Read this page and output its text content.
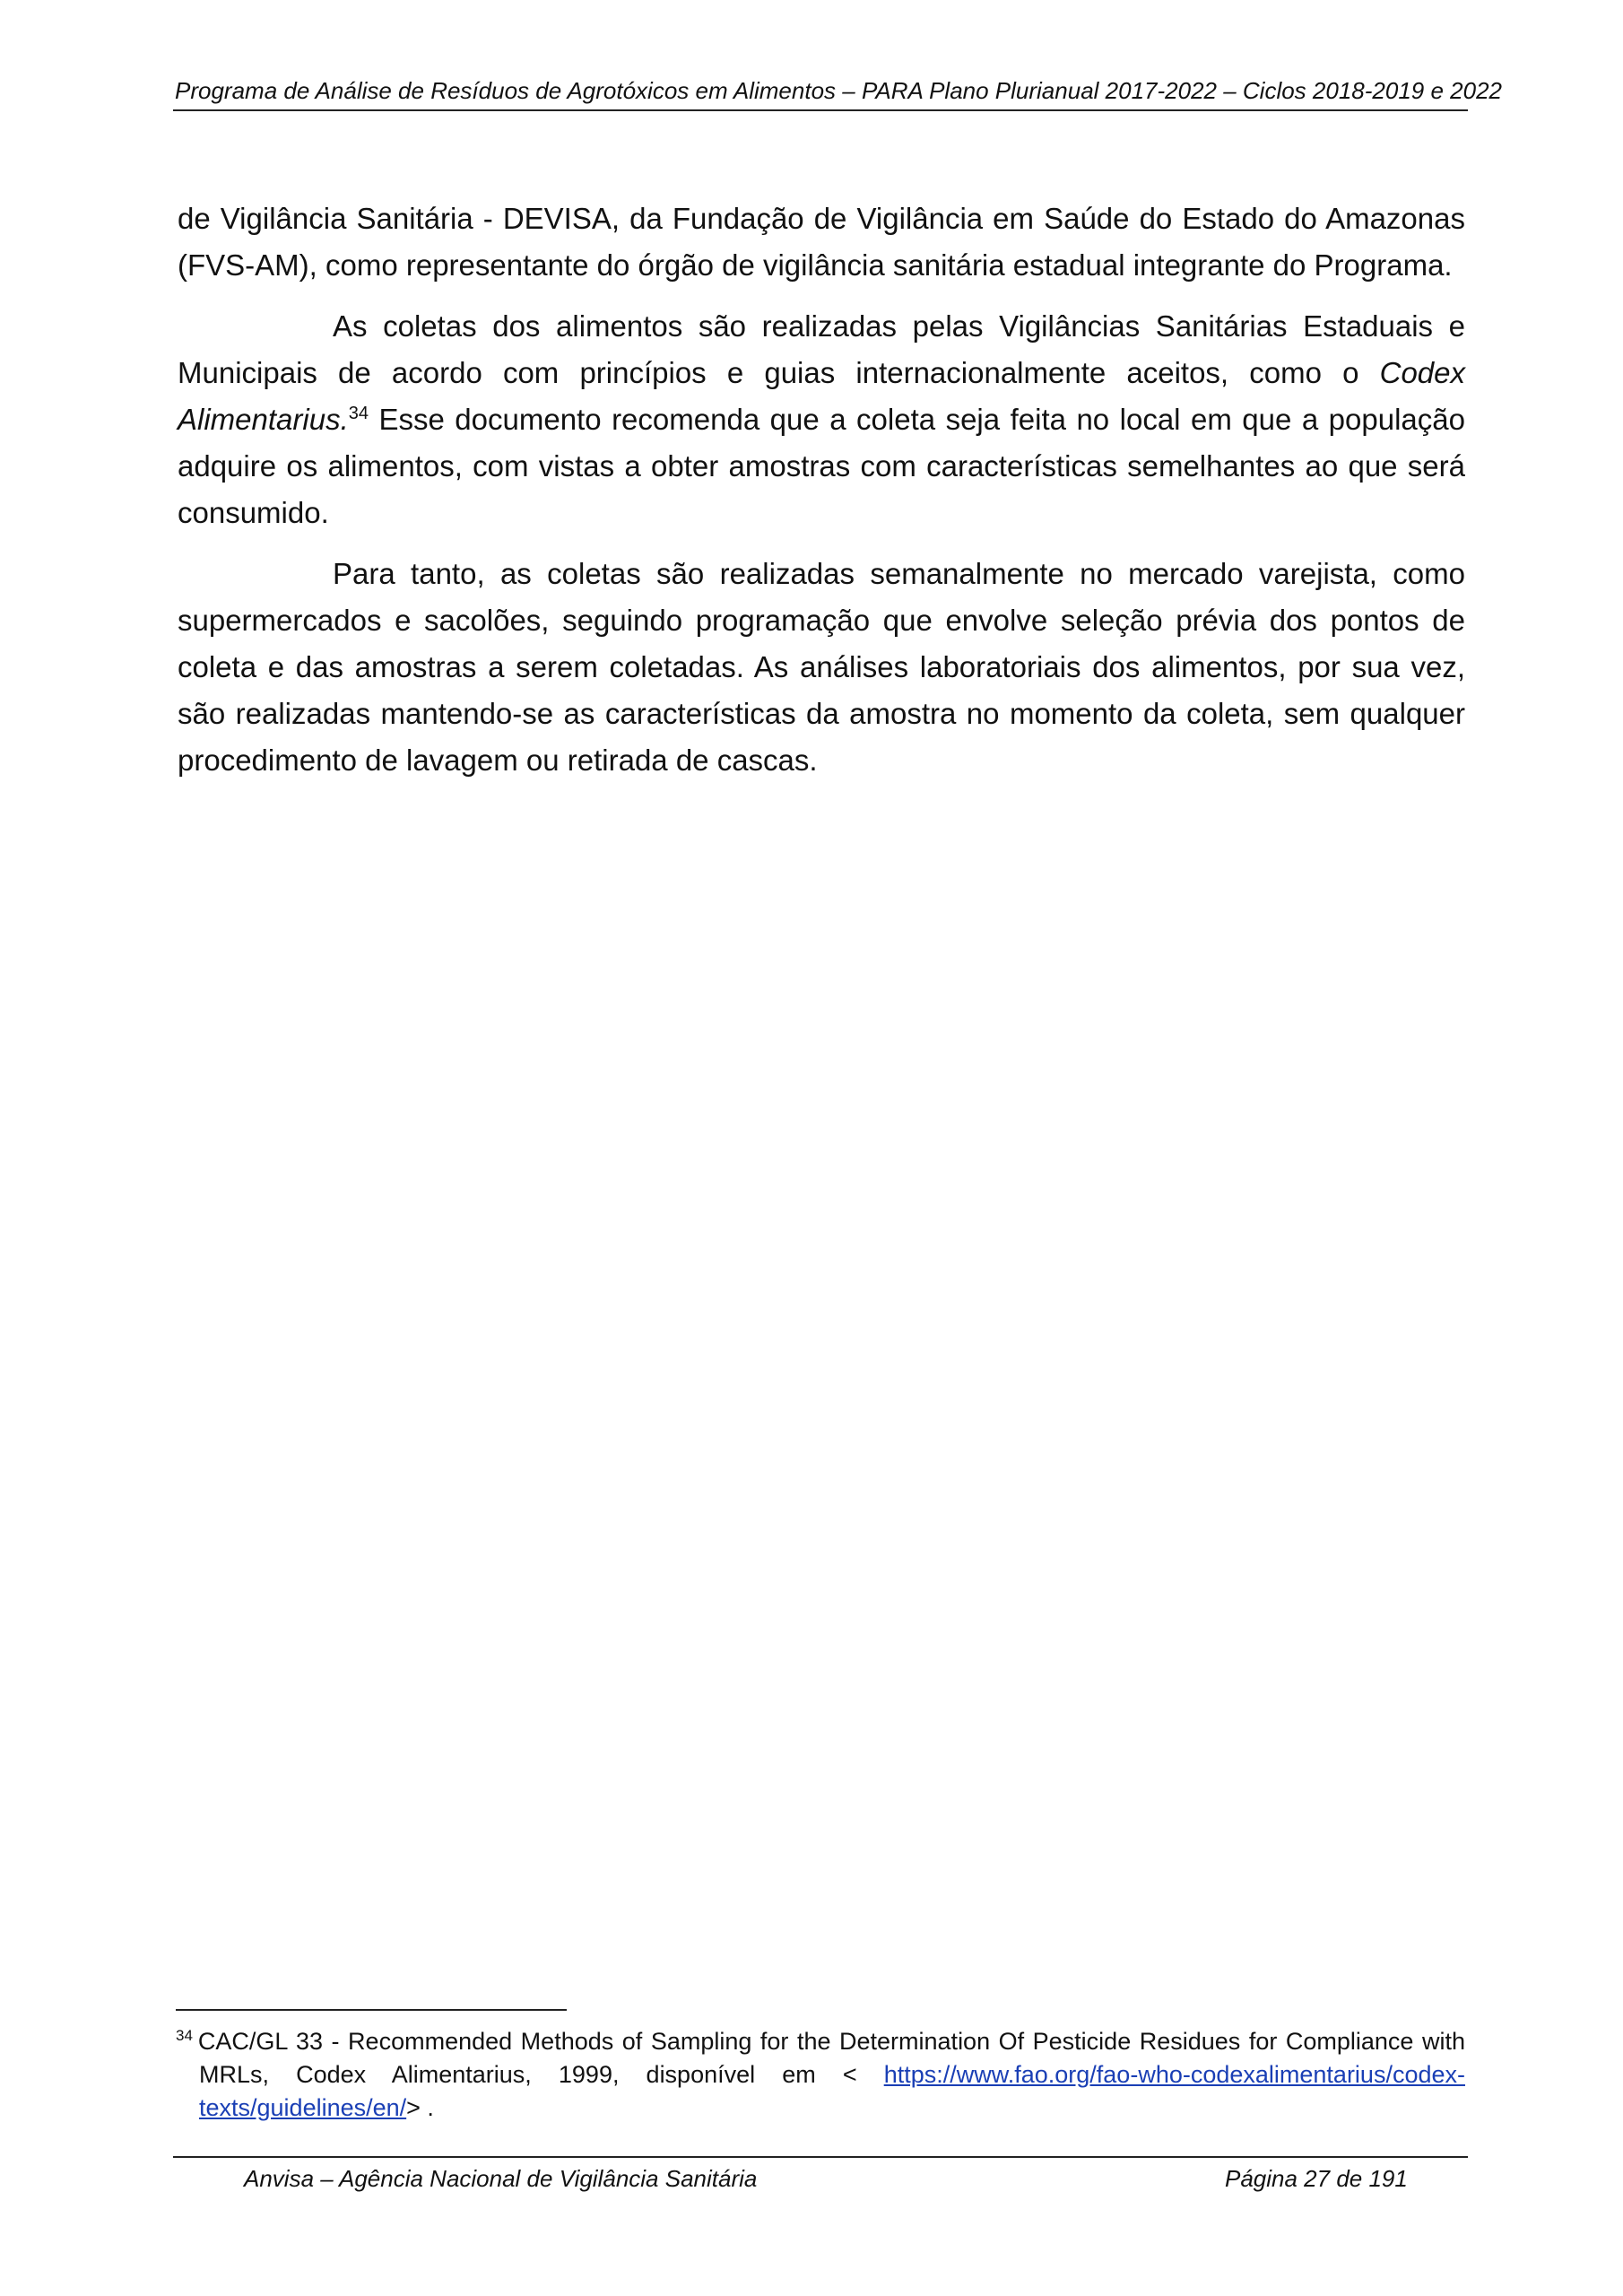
Programa de Análise de Resíduos de Agrotóxicos em Alimentos – PARA Plano Plurianual 2017-2022 – Ciclos 2018-2019 e 2022

de Vigilância Sanitária - DEVISA, da Fundação de Vigilância em Saúde do Estado do Amazonas (FVS-AM), como representante do órgão de vigilância sanitária estadual integrante do Programa.

As coletas dos alimentos são realizadas pelas Vigilâncias Sanitárias Estaduais e Municipais de acordo com princípios e guias internacionalmente aceitos, como o Codex Alimentarius.$^{34}$ Esse documento recomenda que a coleta seja feita no local em que a população adquire os alimentos, com vistas a obter amostras com características semelhantes ao que será consumido.

Para tanto, as coletas são realizadas semanalmente no mercado varejista, como supermercados e sacolões, seguindo programação que envolve seleção prévia dos pontos de coleta e das amostras a serem coletadas. As análises laboratoriais dos alimentos, por sua vez, são realizadas mantendo-se as características da amostra no momento da coleta, sem qualquer procedimento de lavagem ou retirada de cascas.

$^{34}$ CAC/GL 33 - Recommended Methods of Sampling for the Determination Of Pesticide Residues for Compliance with MRLs, Codex Alimentarius, 1999, disponível em < https://www.fao.org/fao-who-codexalimentarius/codex-texts/guidelines/en/> .
Anvisa – Agência Nacional de Vigilância Sanitária	Página 27 de 191
